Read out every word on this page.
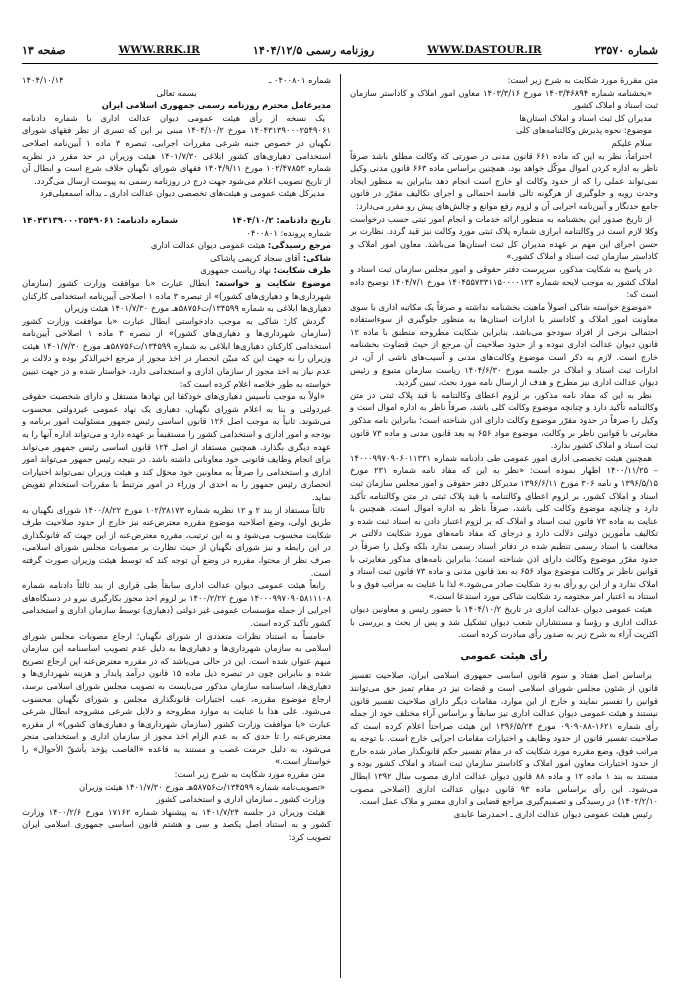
شماره ۲۳۵۷۰
WWW.DASTOUR.IR
روزنامه رسمی ۱۴۰۴/۱۲/۵
WWW.RRK.IR
صفحه ۱۳

متن مقررهٔ مورد شکایت به شرح زیر است:

«بخشنامه شماره ۱۴۰۳/۴۶۸۹۴ مورخ ۱۴۰۳/۳/۱۶ معاون امور املاک و کاداستر سازمان ثبت اسناد و املاک کشور

مدیران کل ثبت اسناد و املاک استان‌ها

موضوع: نحوه پذیرش وکالتنامه‌های کلی

سلام علیکم

احتراماً، نظر به این که ماده ۶۶۱ قانون مدنی در صورتی که وکالت مطلق باشد صرفاً ناظر به اداره کردن اموال موکّل خواهد بود. همچنین براساس ماده ۶۶۳ قانون مدنی وکیل نمی‌تواند عملی را که از حدود وکالت او خارج است انجام دهد بنابراین به منظور ایجاد وحدت رویه و جلوگیری از هرگونه تالی فاسد احتمالی و اجرای تکالیف مقرّر در قانون جامع حدنگار و آیین‌نامه اجرایی آن و لزوم رفع موانع و چالش‌های پیش رو مقرر می‌دارد:

از تاریخ صدور این بخشنامه به منظور ارائه خدمات و انجام امور ثبتی حسب درخواست وکلا لازم است در وکالتنامه ابرازی شماره پلاک ثبتی مورد وکالت نیز قید گردد. نظارت بر حسن اجرای این مهم بر عهده مدیران کل ثبت استان‌ها می‌باشد. معاون امور املاک و کاداستر سازمان ثبت اسناد و املاک کشور.»

در پاسخ به شکایت مذکور، سرپرست دفتر حقوقی و امور مجلس سازمان ثبت اسناد و املاک کشور به موجب لایحه شماره ۱۴۰۴۵۵۷۳۳۱۱۵۰۰۰۰۱۲۳ مورخ ۱۴۰۴/۷/۱ توضیح داده است که:

«موضوع خواسته شاکی اصولاً ماهیت بخشنامه نداشته و صرفاً یک مکاتبه اداری با سوی معاونت امور املاک و کاداستر با ادارات استان‌ها به منظور جلوگیری از سوءاستفاده احتمالی برخی از افراد سودجو می‌باشد. بنابراین شکایت مطروحه منطبق با ماده ۱۲ قانون دیوان عدالت اداری نبوده و از حدود صلاحیت آن مرجع از حیث قضاوت بخشنامه خارج است. لازم به ذکر است موضوع وکالت‌های مدنی و آسیب‌های ناشی از آن، در ادارات ثبت اسناد و املاک در جلسه مورخ ۱۴۰۴/۶/۳۰ ریاست سازمان متبوع و رئیس دیوان عدالت اداری نیز مطرح و هدف از ارسال نامه مورد بحث، تبیین گردید.

نظر به این که مفاد نامه مذکور، بر لزوم اعطای وکالتنامه با قید پلاک ثبتی در متن وکالتنامه تأکید دارد و چنانچه موضوع وکالت کلی باشد، صرفاً ناظر به اداره اموال است و وکیل را صرفاً در حدود مقرّر موضوع وکالت دارای اذن شناخته است؛ بنابراین نامه مذکور مغایرتی با قوانین ناظر بر وکالت، موضوع مواد ۶۵۶ به بعد قانون مدنی و ماده ۷۳ قانون ثبت اسناد و املاک کشور ندارد.

همچنین هیئت تخصصی اداری امور عمومی طی دادنامه شماره ۱۴۰۰۰۹۹۷۰۹۰۶۰۱۱۳۳۱ – ۱۴۰۰/۱۱/۲۵ اظهار نموده است: «نظر به این که مفاد نامه شماره ۲۳۱ مورخ ۱۳۹۶/۵/۱۵ و نامه ۳۰۶ مورخ ۱۳۹۶/۶/۱۱ مدیرکل دفتر حقوقی و امور مجلس سازمان ثبت اسناد و املاک کشور، بر لزوم اعطای وکالتنامه با قید پلاک ثبتی در متن وکالتنامه تأکید دارد و چنانچه موضوع وکالت کلی باشد، صرفاً ناظر به اداره اموال است. همچنین با عنایت به ماده ۷۳ قانون ثبت اسناد و املاک که بر لزوم اعتبار دادن به اسناد ثبت شده و تکالیف مأمورین دولتی دلالت دارد و درجای که مفاد نامه‌های مورد شکایت دلالتی بر مخالفت با اسناد رسمی تنظیم شده در دفاتر اسناد رسمی ندارد بلکه وکیل را صرفاً در حدود مقرّر موضوع وکالت دارای اذن شناخته است؛ بنابراین نامه‌های مذکور مغایرتی با قوانین ناظر بر وکالت موضوع مواد ۶۵۶ به بعد قانون مدنی و ماده ۷۳ قانون ثبت اسناد و املاک ندارد و از این رو رأی به رد شکایت صادر می‌شود.» لذا با عنایت به مراتب فوق و با استناد به اعتبار امر مختومه رد شکایت شاکی مورد استدعا است.»

هیئت عمومی دیوان عدالت اداری در تاریخ ۱۴۰۴/۱۰/۲ با حضور رئیس و معاونین دیوان عدالت اداری و رؤسا و مستشاران شعب دیوان تشکیل شد و پس از بحث و بررسی با اکثریت آراء به شرح زیر به صدور رأی مبادرت کرده است.

رأی هیئت عمومی

براساس اصل هفتاد و سوم قانون اساسی جمهوری اسلامی ایران، صلاحیت تفسیر قانون از شئون مجلس شورای اسلامی است و قضات نیز در مقام تمیز حق می‌توانند قوانین را تفسیر نمایند و خارج از این موارد، مقامات دیگر دارای صلاحیت تفسیر قانون نیستند و هیئت عمومی دیوان عدالت اداری نیز سابقاً و براساس آراء مختلف خود از جمله رأی شماره ۱۶۲۱-۰۹۰۹۰۸۸ مورخ ۱۳۹۶/۵/۲۴ این هیئت صراحتاً اعلام کرده است که صلاحیت تفسیر قانون از حدود وظایف و اختیارات مقامات اجرایی خارج است. با توجه به مراتب فوق، وضع مقرره مورد شکایت که در مقام تفسیر حکم قانونگذار صادر شده خارج از حدود اختیارات معاون امور املاک و کاداستر سازمان ثبت اسناد و املاک کشور بوده و مستند به بند ۱ ماده ۱۲ و ماده ۸۸ قانون دیوان عدالت اداری مصوب سال ۱۳۹۲ ابطال می‌شود. این رأی براساس ماده ۹۳ قانون دیوان عدالت اداری (اصلاحی مصوب ۱۴۰۲/۲/۱۰) در رسیدگی و تصمیم‌گیری مراجع قضایی و اداری معتبر و ملاک عمل است.

رئیس هیئت عمومی دیوان عدالت اداری ـ احمدرضا عابدی

شماره ۰۴۰۰۸۰۱ ـ
۱۴۰۴/۱۰/۱۴
بسمه تعالی

مدیرعامل محترم روزنامه رسمی جمهوری اسلامی ایران

یک نسخه از رأی هیئت عمومی دیوان عدالت اداری با شماره دادنامه ۱۴۰۴۳۱۳۹۰۰۰۲۵۴۹۰۶۱ مورخ ۱۴۰۴/۱۰/۲ مبنی بر این که تسری از نظر فقهای شورای نگهبان در خصوص جنبه شرعی مقررات اجرایی، تبصره ۳ ماده ۱ آیین‌نامه اصلاحی استخدامی دهیاری‌های کشور ابلاغی ۱۴۰۱/۷/۳۰ هیئت وزیران در حد مقرر در نظریه شماره ۱۰۲/۴۷۸۵۳ مورخ ۱۴۰۴/۹/۱۱ فقهای شورای نگهبان خلاف شرع است و ابطال آن از تاریخ تصویب اعلام می‌شود جهت درج در روزنامه رسمی به پیوست ارسال می‌گردد.

مدیرکل هیئت عمومی و هیئت‌های تخصصی دیوان عدالت اداری ـ یداله اسمعیلی‌فرد

تاریخ دادنامه: ۱۴۰۴/۱۰/۲
شماره دادنامه: ۱۴۰۴۳۱۳۹۰۰۰۲۵۴۹۰۶۱

شماره پرونده: ۰۴۰۰۸۰۱

مرجع رسیدگی: هیئت عمومی دیوان عدالت اداری

شاکی: آقای سجاد کریمی پاشاکی

طرف شکایت: نهاد ریاست جمهوری

موضوع شکایت و خواسته: ابطال عبارت «با موافقت وزارت کشور (سازمان شهرداری‌ها و دهیاری‌های کشور)» از تبصره ۳ ماده ۱ اصلاحی آیین‌نامه استخدامی کارکنان دهیاری‌ها ابلاغی به شماره ۱۳۴۵۹۹/ت۵۸۷۵۶هـ مورخ ۱۴۰۱/۷/۳۰ هیئت وزیران

گردش کار: شاکی به موجب دادخواستی ابطال عبارت «با موافقت وزارت کشور (سازمان شهرداری‌ها و دهیاری‌های کشور)» از تبصره ۳ ماده ۱ اصلاحی آیین‌نامه استخدامی کارکنان دهیاری‌ها ابلاغی به شماره ۱۳۴۵۹۹/ت۵۸۷۵۶هـ مورخ ۱۴۰۱/۷/۳۰ هیئت وزیران را به جهت این که مبیّن انحصار در اخذ مجوز از مرجع اخیرالذکر بوده و دلالت بر عدم نیاز به اخذ مجوز از سازمان اداری و استخدامی دارد، خواستار شده و در جهت تبیین خواسته به طور خلاصه اعلام کرده است که:

«اولاً به موجب تأسیس دهیاری‌های خودکفا این نهادها مستقل و دارای شخصیت حقوقی غیردولتی و بنا به اعلام شورای نگهبان، دهیاری یک نهاد عمومی غیردولتی محسوب می‌شوند. ثانیاً به موجب اصل ۱۲۶ قانون اساسی رئیس جمهور مسئولیت امور برنامه و بودجه و امور اداری و استخدامی کشور را مستقیماً بر عهده دارد و می‌تواند اداره آنها را به عهده دیگری بگذارد. همچنین مستفاد از اصل ۱۲۴ قانون اساسی رئیس جمهور می‌تواند برای انجام وظایف قانونی خود معاونانی داشته باشد. در نتیجه رئیس جمهور می‌تواند امور اداری و استخدامی را صرفاً به معاونین خود محوّل کند و هیئت وزیران نمی‌تواند اختیارات انحصاری رئیس جمهور را به احدی از وزراء در امور مرتبط با مقررات استخدام تفویض نماید.

ثالثاً مستفاد از بند ۲ و ۱۲ نظریه شماره ۱۰۲/۳۸۱۷۳ مورخ ۱۴۰۰/۸/۲۲ شورای نگهبان به طریق اولی، وضع اصلاحیه موضوع مقرره معترض‌عنه نیز خارج از حدود صلاحیت طرف شکایت محسوب می‌شود و به این ترتیب، مقرره معترض‌عنه از این جهت که قانونگذاری در این رابطه و نیز شورای نگهبان از حیث نظارت بر مصوبات مجلس شورای اسلامی، صرف نظر از محتوا، مقرره در وضع آن توجه کند که توسط هیئت وزیران صورت گرفته است.

رابعاً هیئت عمومی دیوان عدالت اداری سابقاً طی قراری از بند ثالثاً دادنامه شماره ۱۴۰۰۰۹۹۷۰۹۰۵۸۱۱۱۰۸ مورخ ۱۴۰۰/۲/۲۲ بر لزوم اخذ مجوز بکارگیری نیرو در دستگاه‌های اجرایی از جمله مؤسسات عمومی غیر دولتی (دهیاری) توسط سازمان اداری و استخدامی کشور تأکید کرده است.

خامساً به استناد نظرات متعددی از شورای نگهبان؛ ارجاع مصوبات مجلس شورای اسلامی به سازمان شهرداری‌ها و دهیاری‌ها به دلیل عدم تصویب اساسنامه این سازمان مبهم عنوان شده است. این در حالی می‌باشد که در مقرره معترض‌عنه این ارجاع تصریح شده و بنابراین چون در تبصره ذیل ماده ۱۵ قانون درآمد پایدار و هزینه شهرداری‌ها و دهیاری‌ها، اساسنامه سازمان مذکور می‌بایست به تصویب مجلس شورای اسلامی برسد، ارجاع موضوع مقرره، عیب اختیارات قانونگذاری مجلس و شورای نگهبان محسوب می‌شود. علی هذا با عنایت به موارد مطروحه و دلایل شرعی مشروحه ابطال شرعی عبارت «با موافقت وزارت کشور (سازمان شهرداری‌ها و دهیاری‌های کشور)» از مقرره معترض‌عنه را تا حدی که به عدم الزام اخذ مجوز از سازمان اداری و استخدامی منجر می‌شود، به دلیل حرمت غصب و مستند به قاعده «الغاصب یؤخذ بأشقّ الأحوال» را خواستار است.»

متن مقرره مورد شکایت به شرح زیر است:

«تصویب‌نامه شماره ۱۳۴۵۹۹/ت۵۸۷۵۶هـ مورخ ۱۴۰۱/۷/۳۰ هیئت وزیران

وزارت کشور ـ سازمان اداری و استخدامی کشور

هیئت وزیران در جلسه ۱۴۰۱/۷/۲۴ به پیشنهاد شماره ۱۷۱۶۲ مورخ ۱۴۰۰/۲/۶ وزارت کشور و به استناد اصل یکصد و سی و هشتم قانون اساسی جمهوری اسلامی ایران تصویب کرد:
